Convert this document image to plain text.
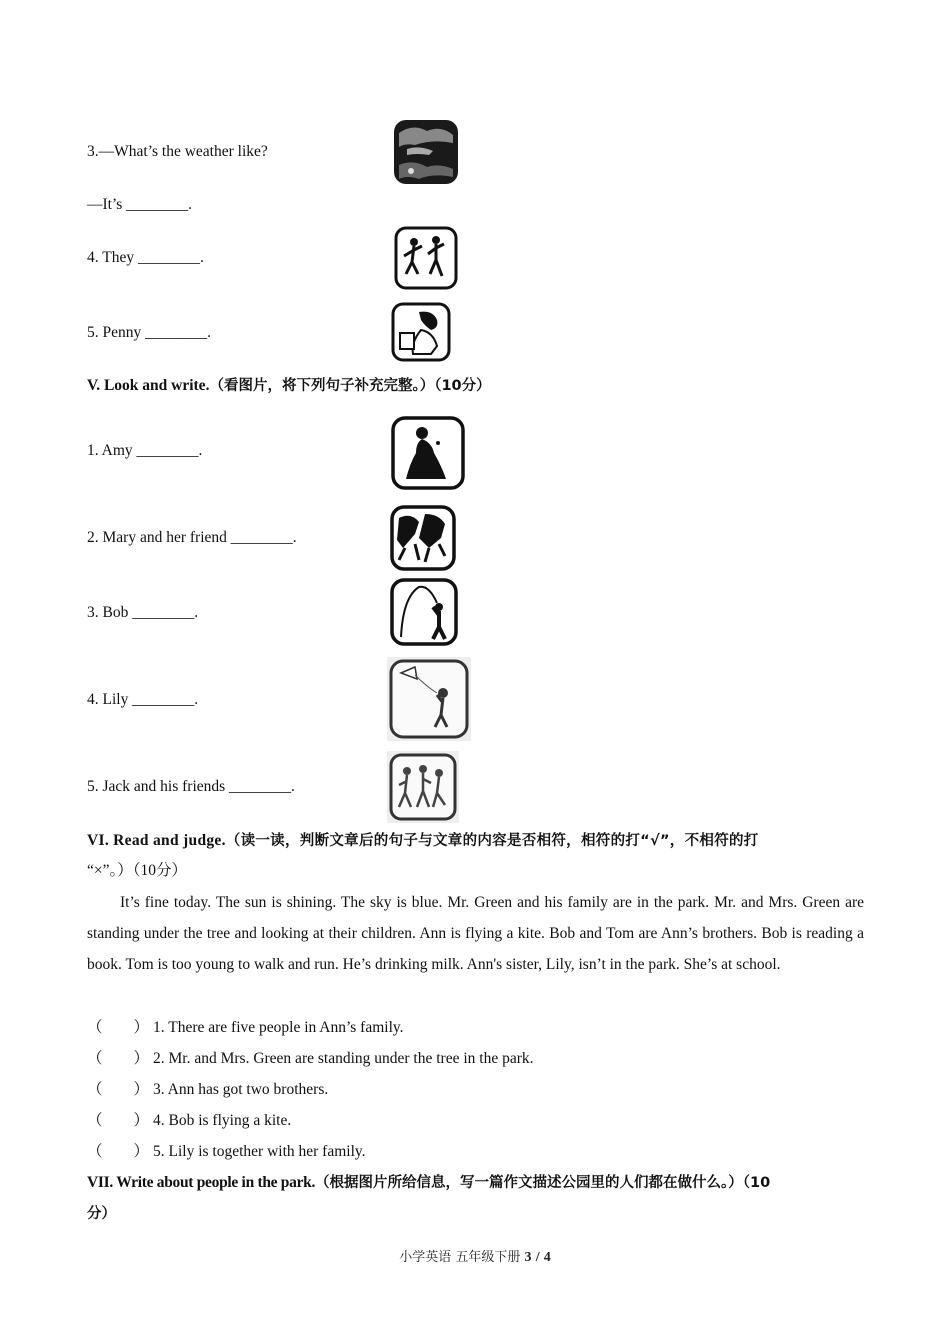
3.—What’s the weather like?
—It’s ________.
4. They ________.
5. Penny ________.
V. Look and write.（看图片，将下列句子补充完整。）（10分）
1. Amy ________.
2. Mary and her friend ________.
3. Bob ________.
4. Lily ________.
5. Jack and his friends ________.
VI. Read and judge.（读一读，判断文章后的句子与文章的内容是否相符，相符的打“√”，不相符的打
“×”。）（10分）
It’s fine today. The sun is shining. The sky is blue. Mr. Green and his family are in the park. Mr. and Mrs. Green are standing under the tree and looking at their children. Ann is flying a kite. Bob and Tom are Ann’s brothers. Bob is reading a book. Tom is too young to walk and run. He’s drinking milk. Ann's sister, Lily, isn’t in the park. She’s at school.
（　　） 1. There are five people in Ann’s family.
（　　） 2. Mr. and Mrs. Green are standing under the tree in the park.
（　　） 3. Ann has got two brothers.
（　　） 4. Bob is flying a kite.
（　　） 5. Lily is together with her family.
VII. Write about people in the park.（根据图片所给信息，写一篇作文描述公园里的人们都在做什么。）（10
分）
小学英语 五年级下册 3 / 4
